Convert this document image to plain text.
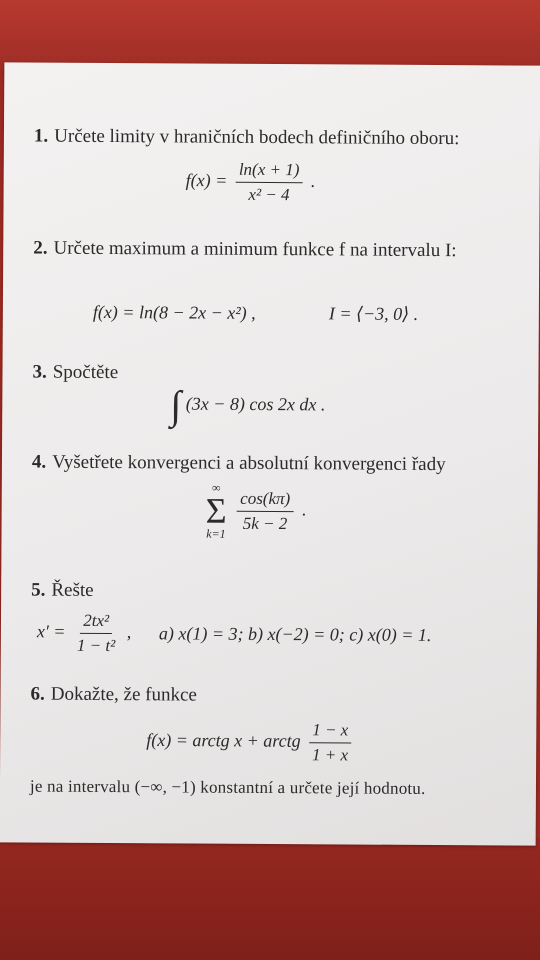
1. Určete limity v hraničních bodech definičního oboru:

$f(x) = \frac{\ln(x + 1)}{\text{x² − 4}}$ .

2. Určete maximum a minimum funkce f na intervalu I:

f(x) = ln(8 − 2x − x²) ,	I = ⟨−3, 0⟩ .

3. Spočtěte

∫ (3x − 8) cos 2x dx .

4. Vyšetřete konvergenci a absolutní konvergenci řady

∞
Σ
k=1

$\frac{\cos(k\pi)}{5k - 2}$ .

5. Řešte

$x' = \frac{\text{2tx²}}{\text{1 − t²}}$ , a) x(1) = 3; b) x(−2) = 0; c) x(0) = 1.

6. Dokažte, že funkce

f(x) = arctg x + arctg $\frac{1 - x}{1 + x}$

je na intervalu (−∞, −1) konstantní a určete její hodnotu.
